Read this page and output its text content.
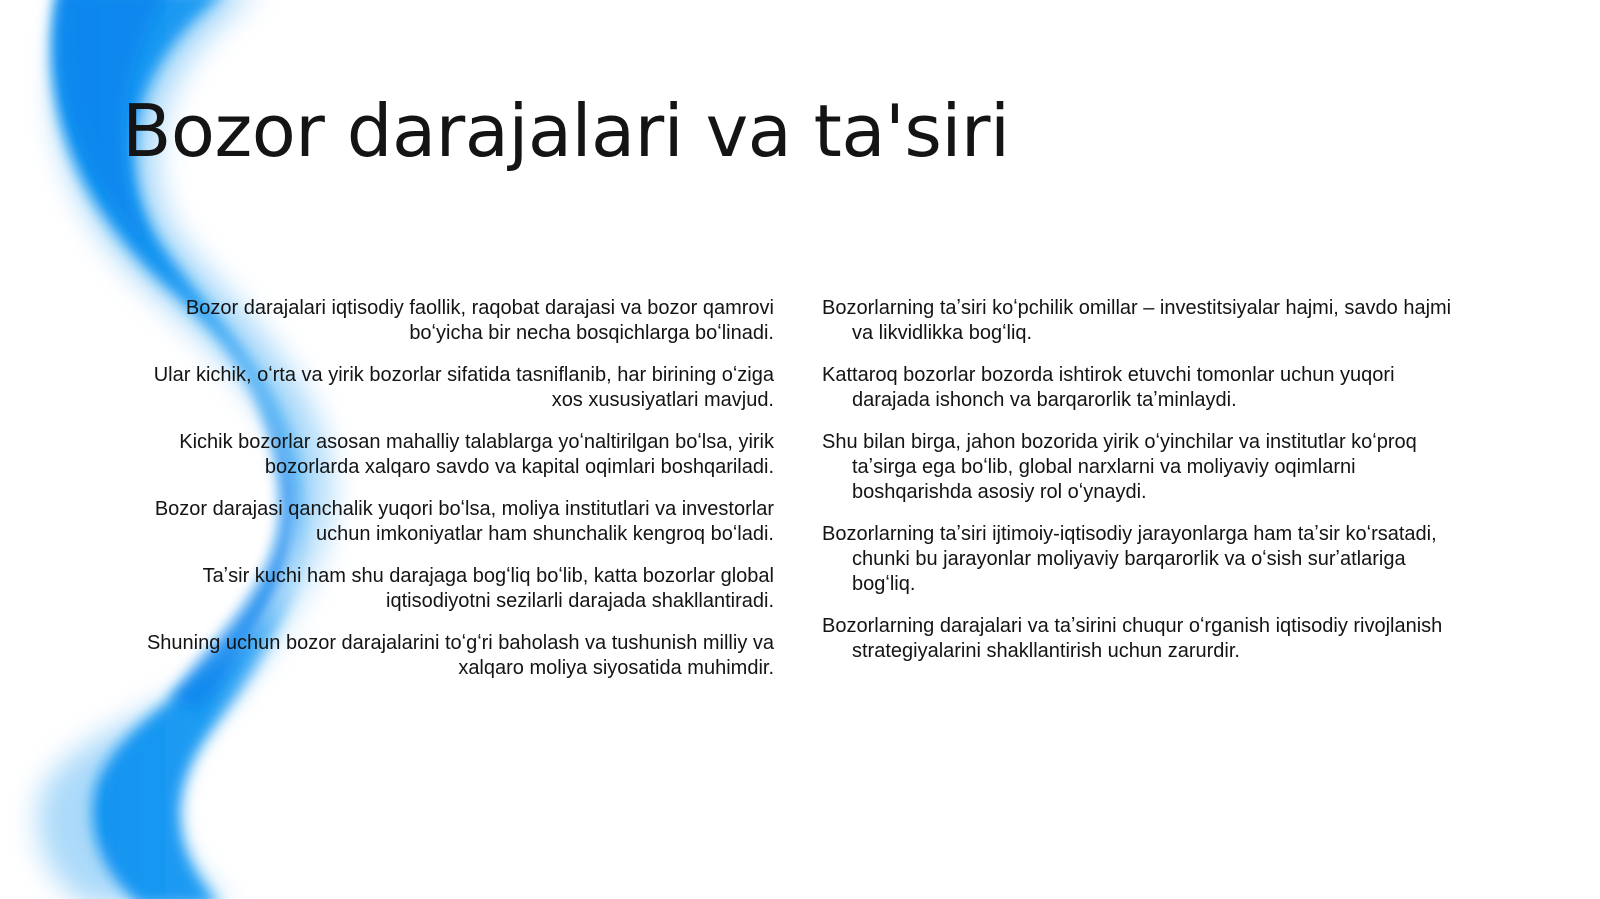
Bozor darajalari va ta'siri

Bozor darajalari iqtisodiy faollik, raqobat darajasi va bozor qamrovi boʻyicha bir necha bosqichlarga boʻlinadi.

Ular kichik, oʻrta va yirik bozorlar sifatida tasniflanib, har birining oʻziga xos xususiyatlari mavjud.

Kichik bozorlar asosan mahalliy talablarga yoʻnaltirilgan boʻlsa, yirik bozorlarda xalqaro savdo va kapital oqimlari boshqariladi.

Bozor darajasi qanchalik yuqori boʻlsa, moliya institutlari va investorlar uchun imkoniyatlar ham shunchalik kengroq boʻladi.

Taʼsir kuchi ham shu darajaga bogʻliq boʻlib, katta bozorlar global iqtisodiyotni sezilarli darajada shakllantiradi.

Shuning uchun bozor darajalarini toʻgʻri baholash va tushunish milliy va xalqaro moliya siyosatida muhimdir.

Bozorlarning taʼsiri koʻpchilik omillar – investitsiyalar hajmi, savdo hajmi va likvidlikka bogʻliq.

Kattaroq bozorlar bozorda ishtirok etuvchi tomonlar uchun yuqori darajada ishonch va barqarorlik taʼminlaydi.

Shu bilan birga, jahon bozorida yirik oʻyinchilar va institutlar koʻproq taʼsirga ega boʻlib, global narxlarni va moliyaviy oqimlarni boshqarishda asosiy rol oʻynaydi.

Bozorlarning taʼsiri ijtimoiy-iqtisodiy jarayonlarga ham taʼsir koʻrsatadi, chunki bu jarayonlar moliyaviy barqarorlik va oʻsish surʼatlariga bogʻliq.

Bozorlarning darajalari va taʼsirini chuqur oʻrganish iqtisodiy rivojlanish strategiyalarini shakllantirish uchun zarurdir.
